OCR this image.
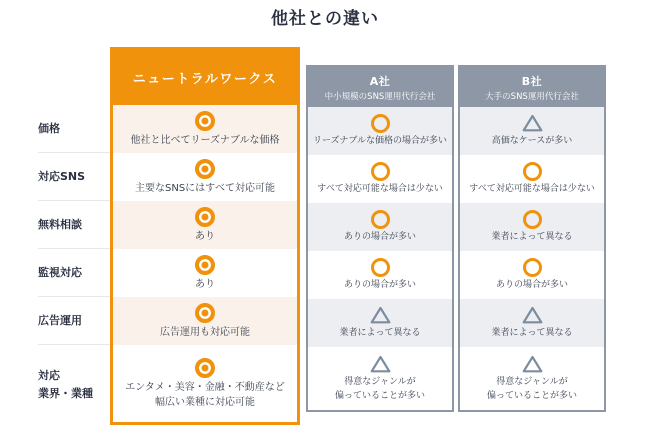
他社との違い
価格
対応SNS
無料相談
監視対応
広告運用
対応
業界・業種
ニュートラルワークス
他社と比べてリーズナブルな価格
主要なSNSにはすべて対応可能
あり
あり
広告運用も対応可能
エンタメ・美容・金融・不動産など
幅広い業種に対応可能
A社
中小規模のSNS運用代行会社
リーズナブルな価格の場合が多い
すべて対応可能な場合は少ない
ありの場合が多い
ありの場合が多い
業者によって異なる
得意なジャンルが
偏っていることが多い
B社
大手のSNS運用代行会社
高価なケースが多い
すべて対応可能な場合は少ない
業者によって異なる
ありの場合が多い
業者によって異なる
得意なジャンルが
偏っていることが多い
